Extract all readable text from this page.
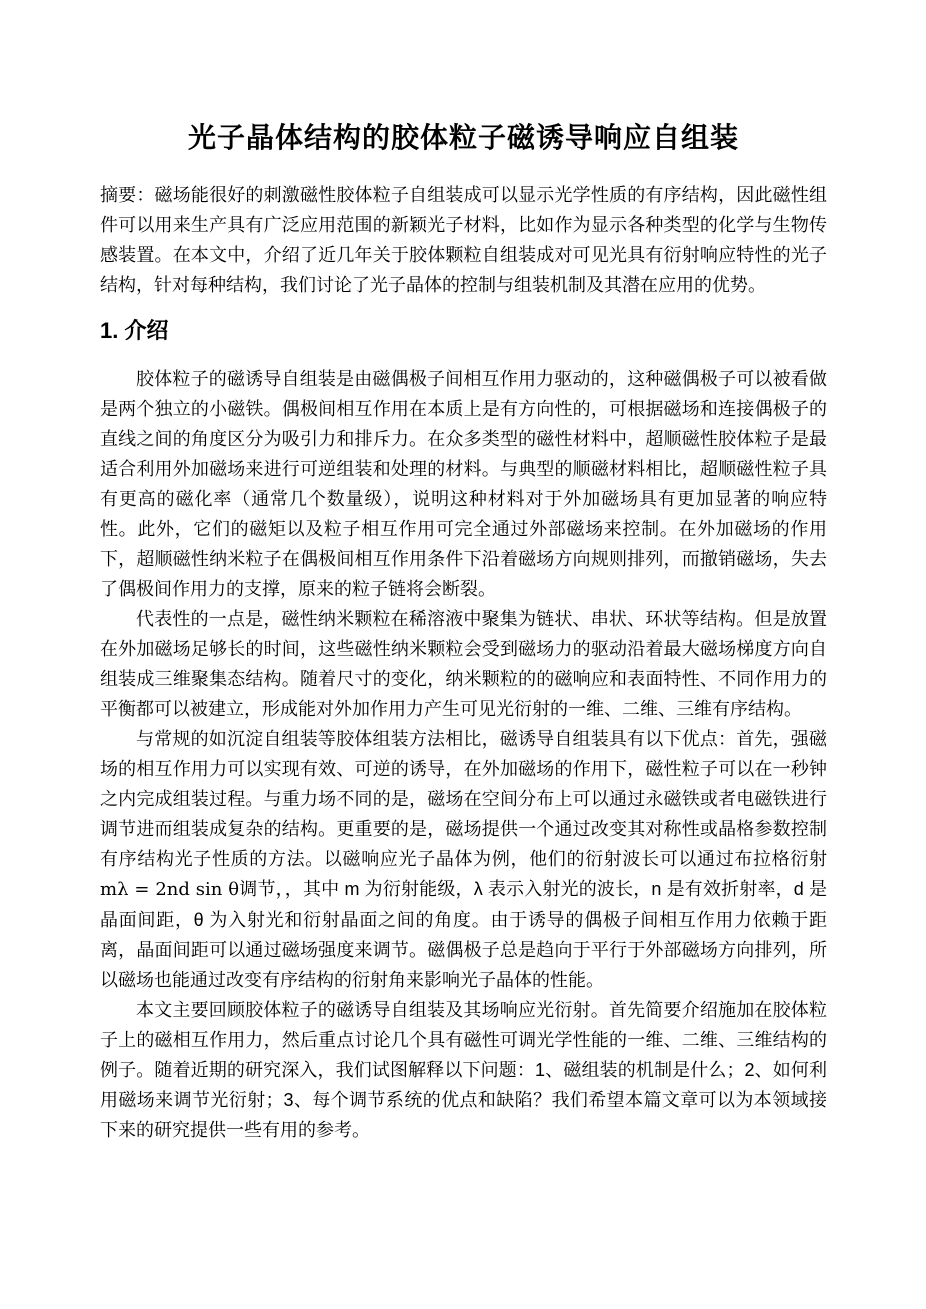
光子晶体结构的胶体粒子磁诱导响应自组装

摘要：磁场能很好的刺激磁性胶体粒子自组装成可以显示光学性质的有序结构，因此磁性组件可以用来生产具有广泛应用范围的新颖光子材料，比如作为显示各种类型的化学与生物传感装置。在本文中，介绍了近几年关于胶体颗粒自组装成对可见光具有衍射响应特性的光子结构，针对每种结构，我们讨论了光子晶体的控制与组装机制及其潜在应用的优势。

1. 介绍

胶体粒子的磁诱导自组装是由磁偶极子间相互作用力驱动的，这种磁偶极子可以被看做是两个独立的小磁铁。偶极间相互作用在本质上是有方向性的，可根据磁场和连接偶极子的直线之间的角度区分为吸引力和排斥力。在众多类型的磁性材料中，超顺磁性胶体粒子是最适合利用外加磁场来进行可逆组装和处理的材料。与典型的顺磁材料相比，超顺磁性粒子具有更高的磁化率（通常几个数量级），说明这种材料对于外加磁场具有更加显著的响应特性。此外，它们的磁矩以及粒子相互作用可完全通过外部磁场来控制。在外加磁场的作用下，超顺磁性纳米粒子在偶极间相互作用条件下沿着磁场方向规则排列，而撤销磁场，失去了偶极间作用力的支撑，原来的粒子链将会断裂。

代表性的一点是，磁性纳米颗粒在稀溶液中聚集为链状、串状、环状等结构。但是放置在外加磁场足够长的时间，这些磁性纳米颗粒会受到磁场力的驱动沿着最大磁场梯度方向自组装成三维聚集态结构。随着尺寸的变化，纳米颗粒的的磁响应和表面特性、不同作用力的平衡都可以被建立，形成能对外加作用力产生可见光衍射的一维、二维、三维有序结构。

与常规的如沉淀自组装等胶体组装方法相比，磁诱导自组装具有以下优点：首先，强磁场的相互作用力可以实现有效、可逆的诱导，在外加磁场的作用下，磁性粒子可以在一秒钟之内完成组装过程。与重力场不同的是，磁场在空间分布上可以通过永磁铁或者电磁铁进行调节进而组装成复杂的结构。更重要的是，磁场提供一个通过改变其对称性或晶格参数控制有序结构光子性质的方法。以磁响应光子晶体为例，他们的衍射波长可以通过布拉格衍射mλ = 2nd sin θ调节，，其中 m 为衍射能级，λ 表示入射光的波长，n 是有效折射率，d 是晶面间距，θ 为入射光和衍射晶面之间的角度。由于诱导的偶极子间相互作用力依赖于距离，晶面间距可以通过磁场强度来调节。磁偶极子总是趋向于平行于外部磁场方向排列，所以磁场也能通过改变有序结构的衍射角来影响光子晶体的性能。

本文主要回顾胶体粒子的磁诱导自组装及其场响应光衍射。首先简要介绍施加在胶体粒子上的磁相互作用力，然后重点讨论几个具有磁性可调光学性能的一维、二维、三维结构的例子。随着近期的研究深入，我们试图解释以下问题：1、磁组装的机制是什么；2、如何利用磁场来调节光衍射；3、每个调节系统的优点和缺陷？我们希望本篇文章可以为本领域接下来的研究提供一些有用的参考。
